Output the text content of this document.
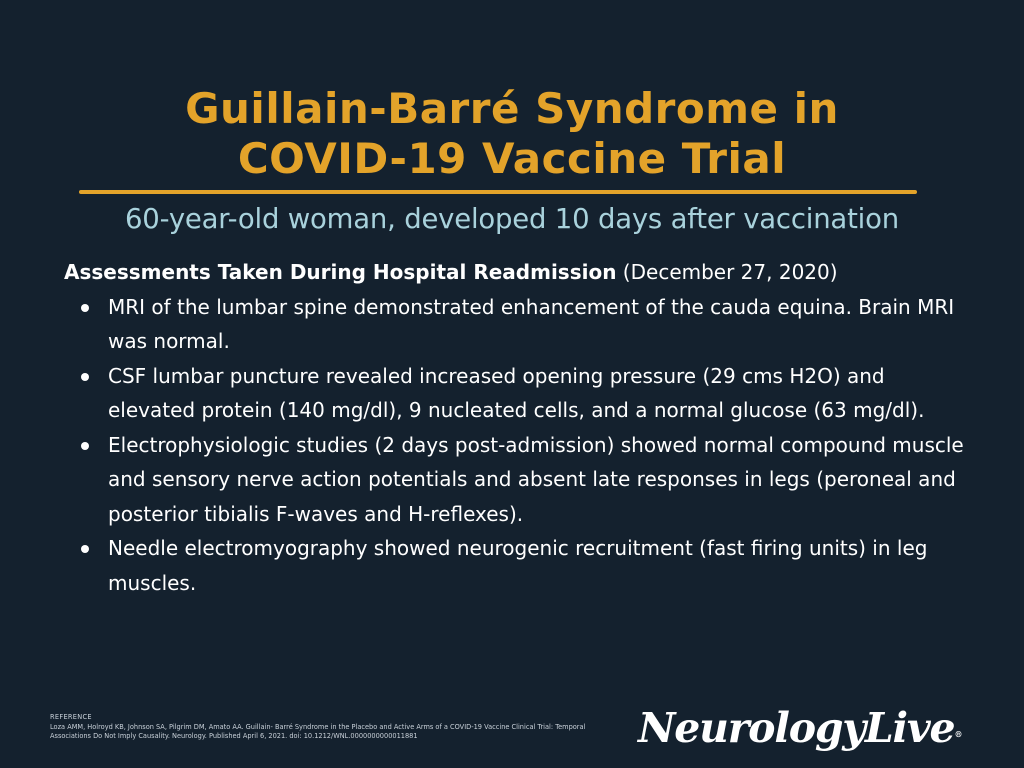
Guillain-Barré Syndrome in
COVID-19 Vaccine Trial
60-year-old woman, developed 10 days after vaccination

Assessments Taken During Hospital Readmission (December 27, 2020)

MRI of the lumbar spine demonstrated enhancement of the cauda equina. Brain MRI was normal.
CSF lumbar puncture revealed increased opening pressure (29 cms H2O) and elevated protein (140 mg/dl), 9 nucleated cells, and a normal glucose (63 mg/dl).
Electrophysiologic studies (2 days post-admission) showed normal compound muscle and sensory nerve action potentials and absent late responses in legs (peroneal and posterior tibialis F-waves and H-reflexes).
Needle electromyography showed neurogenic recruitment (fast firing units) in leg muscles.
REFERENCE
Loza AMM, Holroyd KB, Johnson SA, Pilgrim DM, Amato AA. Guillain- Barré Syndrome in the Placebo and Active Arms of a COVID-19 Vaccine Clinical Trial: Temporal Associations Do Not Imply Causality. Neurology. Published April 6, 2021. doi: 10.1212/WNL.0000000000011881	NeurologyLive®
